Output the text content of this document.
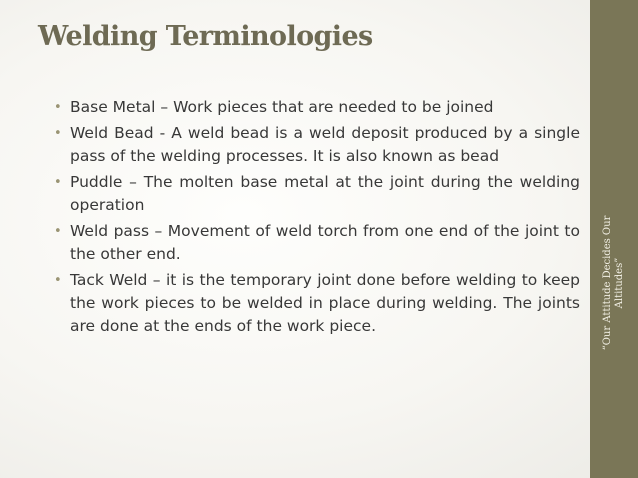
Welding Terminologies
• Base Metal – Work pieces that are needed to be joined
• Weld Bead - A weld bead is a weld deposit produced by a single pass of the welding processes. It is also known as bead
• Puddle – The molten base metal at the joint during the welding operation
• Weld pass – Movement of weld torch from one end of the joint to the other end.
• Tack Weld – it is the temporary joint done before welding to keep the work pieces to be welded in place during welding. The joints are done at the ends of the work piece.	“Our Attitude Decides Our Altitudes”
